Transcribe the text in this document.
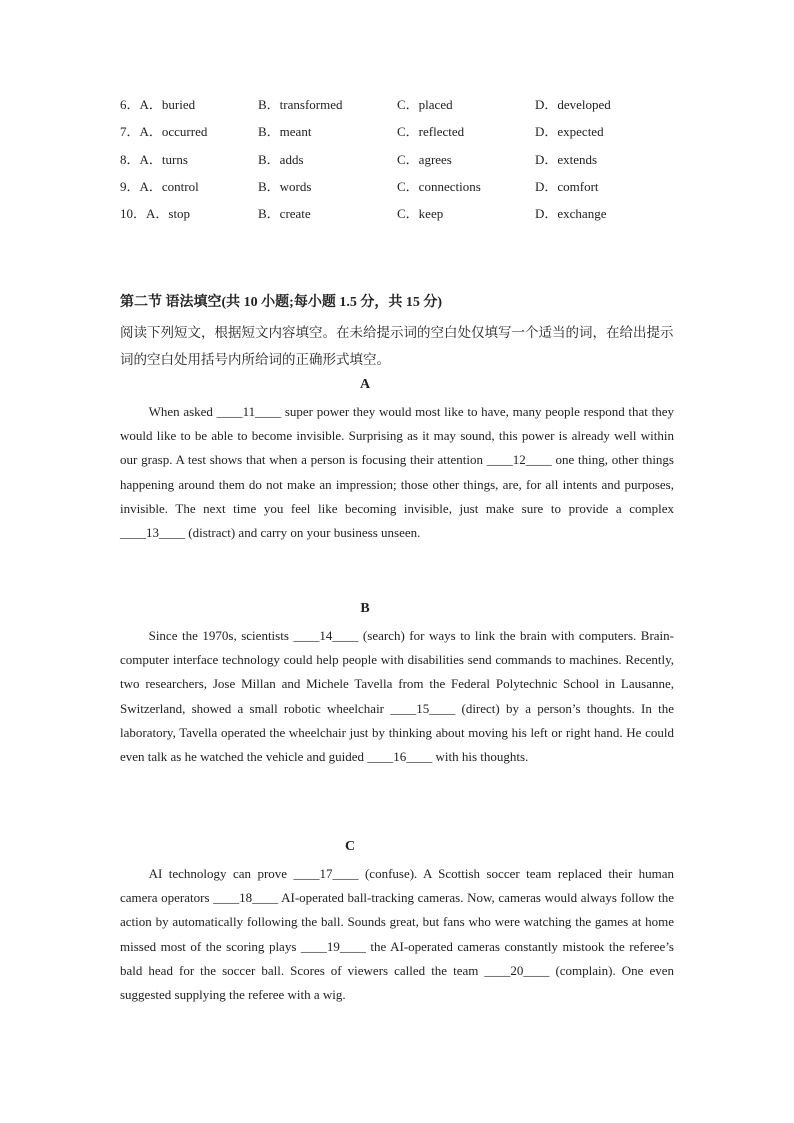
6．A．buried	B．transformed	C．placed	D．developed
7．A．occurred	B．meant	C．reflected	D．expected
8．A．turns	B．adds	C．agrees	D．extends
9．A．control	B．words	C．connections	D．comfort
10．A．stop	B．create	C．keep	D．exchange
第二节 语法填空(共 10 小题;每小题 1.5 分，共 15 分)
阅读下列短文，根据短文内容填空。在未给提示词的空白处仅填写一个适当的词，在给出提示词的空白处用括号内所给词的正确形式填空。
A
When asked ____11____ super power they would most like to have, many people respond that they would like to be able to become invisible. Surprising as it may sound, this power is already well within our grasp. A test shows that when a person is focusing their attention ____12____ one thing, other things happening around them do not make an impression; those other things, are, for all intents and purposes, invisible. The next time you feel like becoming invisible, just make sure to provide a complex ____13____ (distract) and carry on your business unseen.
B
Since the 1970s, scientists ____14____ (search) for ways to link the brain with computers. Brain-computer interface technology could help people with disabilities send commands to machines. Recently, two researchers, Jose Millan and Michele Tavella from the Federal Polytechnic School in Lausanne, Switzerland, showed a small robotic wheelchair ____15____ (direct) by a person’s thoughts. In the laboratory, Tavella operated the wheelchair just by thinking about moving his left or right hand. He could even talk as he watched the vehicle and guided ____16____ with his thoughts.
C
AI technology can prove ____17____ (confuse). A Scottish soccer team replaced their human camera operators ____18____ AI-operated ball-tracking cameras. Now, cameras would always follow the action by automatically following the ball. Sounds great, but fans who were watching the games at home missed most of the scoring plays ____19____ the AI-operated cameras constantly mistook the referee’s bald head for the soccer ball. Scores of viewers called the team ____20____ (complain). One even suggested supplying the referee with a wig.
